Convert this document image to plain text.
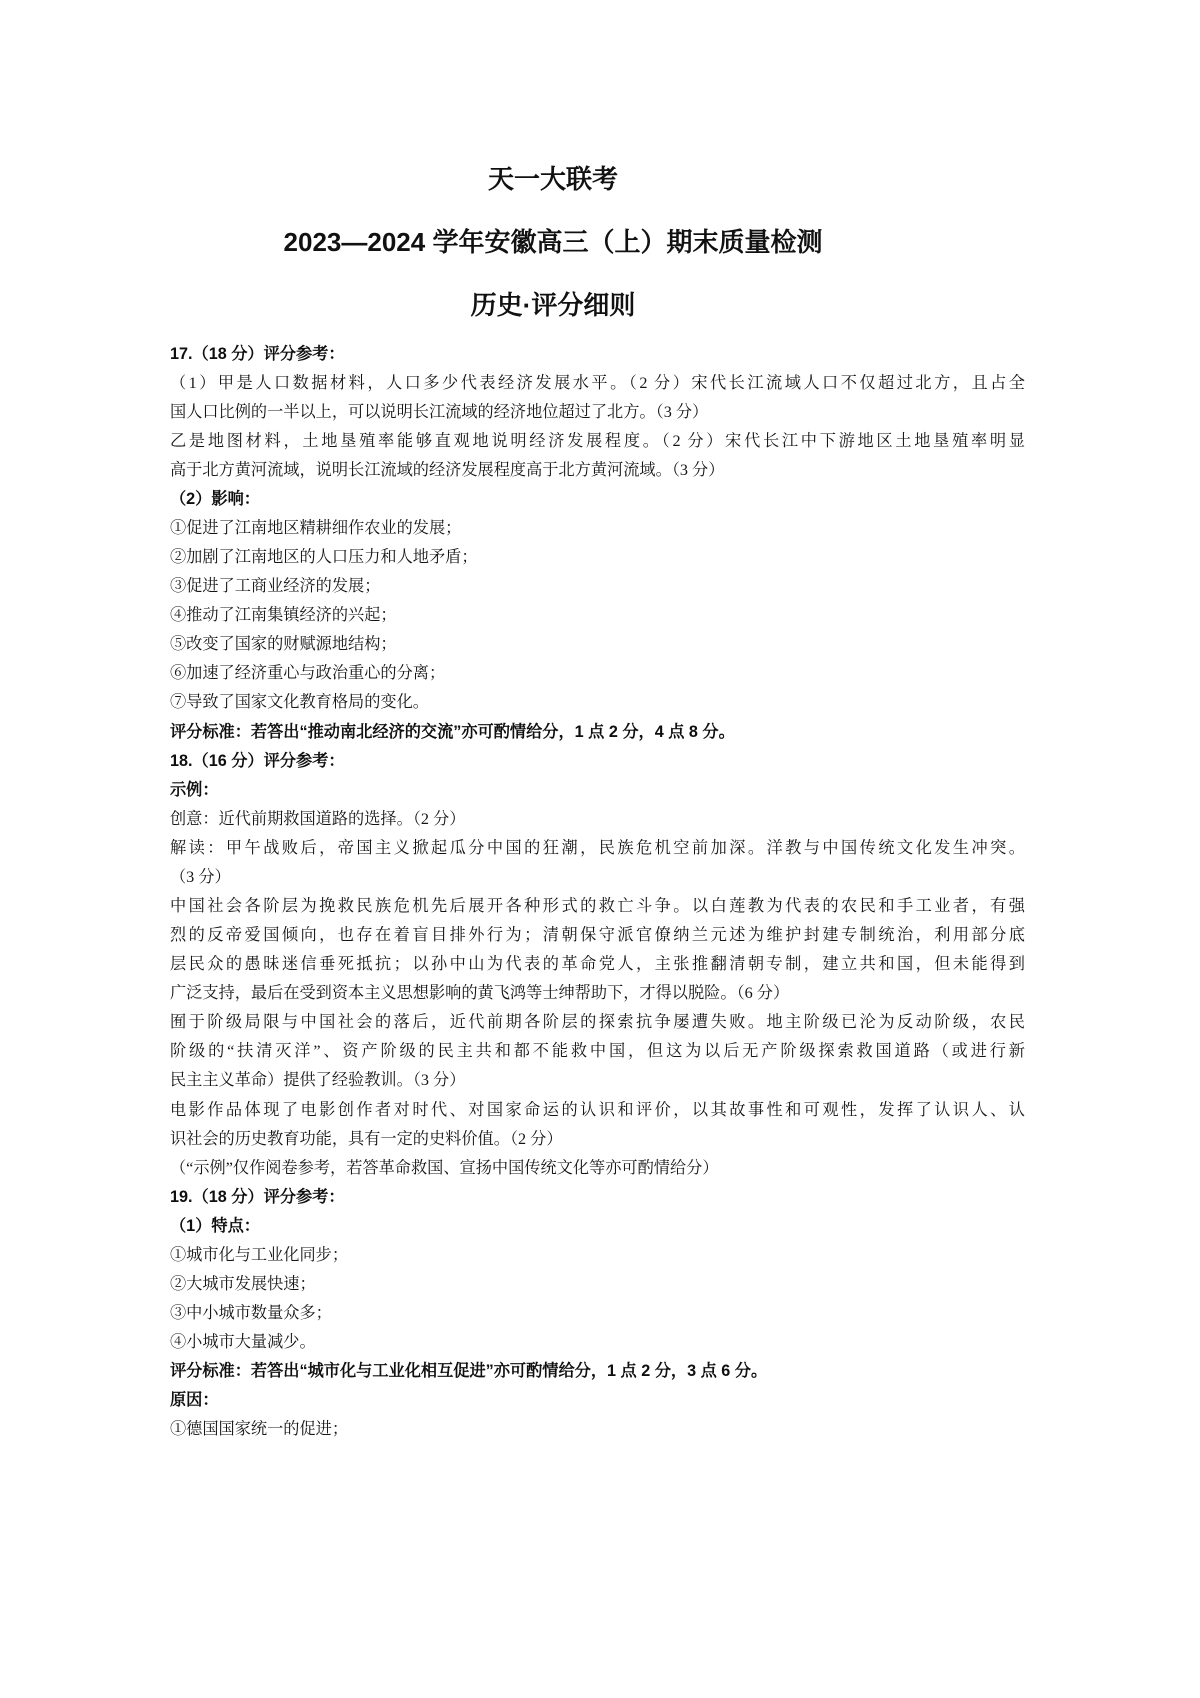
天一大联考
2023—2024 学年安徽高三（上）期末质量检测
历史·评分细则
17.（18 分）评分参考：
（1）甲是人口数据材料，人口多少代表经济发展水平。（2 分）宋代长江流域人口不仅超过北方，且占全
国人口比例的一半以上，可以说明长江流域的经济地位超过了北方。（3 分）
乙是地图材料，土地垦殖率能够直观地说明经济发展程度。（2 分）宋代长江中下游地区土地垦殖率明显
高于北方黄河流域，说明长江流域的经济发展程度高于北方黄河流域。（3 分）
（2）影响：
①促进了江南地区精耕细作农业的发展；
②加剧了江南地区的人口压力和人地矛盾；
③促进了工商业经济的发展；
④推动了江南集镇经济的兴起；
⑤改变了国家的财赋源地结构；
⑥加速了经济重心与政治重心的分离；
⑦导致了国家文化教育格局的变化。
评分标准：若答出“推动南北经济的交流”亦可酌情给分，1 点 2 分，4 点 8 分。
18.（16 分）评分参考：
示例：
创意：近代前期救国道路的选择。（2 分）
解读：甲午战败后，帝国主义掀起瓜分中国的狂潮，民族危机空前加深。洋教与中国传统文化发生冲突。
（3 分）
中国社会各阶层为挽救民族危机先后展开各种形式的救亡斗争。以白莲教为代表的农民和手工业者，有强
烈的反帝爱国倾向，也存在着盲目排外行为；清朝保守派官僚纳兰元述为维护封建专制统治，利用部分底
层民众的愚昧迷信垂死抵抗；以孙中山为代表的革命党人，主张推翻清朝专制，建立共和国，但未能得到
广泛支持，最后在受到资本主义思想影响的黄飞鸿等士绅帮助下，才得以脱险。（6 分）
囿于阶级局限与中国社会的落后，近代前期各阶层的探索抗争屡遭失败。地主阶级已沦为反动阶级，农民
阶级的“扶清灭洋”、资产阶级的民主共和都不能救中国，但这为以后无产阶级探索救国道路（或进行新
民主主义革命）提供了经验教训。（3 分）
电影作品体现了电影创作者对时代、对国家命运的认识和评价，以其故事性和可观性，发挥了认识人、认
识社会的历史教育功能，具有一定的史料价值。（2 分）
（“示例”仅作阅卷参考，若答革命救国、宣扬中国传统文化等亦可酌情给分）
19.（18 分）评分参考：
（1）特点：
①城市化与工业化同步；
②大城市发展快速；
③中小城市数量众多；
④小城市大量减少。
评分标准：若答出“城市化与工业化相互促进”亦可酌情给分，1 点 2 分，3 点 6 分。
原因：
①德国国家统一的促进；
